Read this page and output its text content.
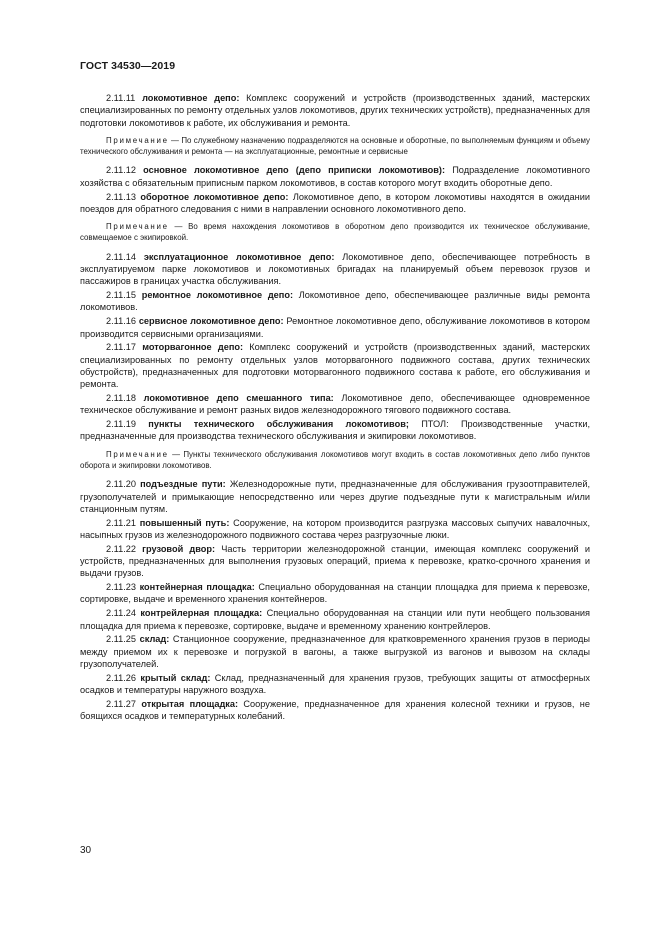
ГОСТ 34530—2019

2.11.11 локомотивное депо: Комплекс сооружений и устройств (производственных зданий, мастерских специализированных по ремонту отдельных узлов локомотивов, других технических устройств), предназначенных для подготовки локомотивов к работе, их обслуживания и ремонта.

Примечание — По служебному назначению подразделяются на основные и оборотные, по выполняемым функциям и объему технического обслуживания и ремонта — на эксплуатационные, ремонтные и сервисные

2.11.12 основное локомотивное депо (депо приписки локомотивов): Подразделение локомотивного хозяйства с обязательным приписным парком локомотивов, в состав которого могут входить оборотные депо.

2.11.13 оборотное локомотивное депо: Локомотивное депо, в котором локомотивы находятся в ожидании поездов для обратного следования с ними в направлении основного локомотивного депо.

Примечание — Во время нахождения локомотивов в оборотном депо производится их техническое обслуживание, совмещаемое с экипировкой.

2.11.14 эксплуатационное локомотивное депо: Локомотивное депо, обеспечивающее потребность в эксплуатируемом парке локомотивов и локомотивных бригадах на планируемый объем перевозок грузов и пассажиров в границах участка обслуживания.

2.11.15 ремонтное локомотивное депо: Локомотивное депо, обеспечивающее различные виды ремонта локомотивов.

2.11.16 сервисное локомотивное депо: Ремонтное локомотивное депо, обслуживание локомотивов в котором производится сервисными организациями.

2.11.17 моторвагонное депо: Комплекс сооружений и устройств (производственных зданий, мастерских специализированных по ремонту отдельных узлов моторвагонного подвижного состава, других технических обустройств), предназначенных для подготовки моторвагонного подвижного состава к работе, его обслуживания и ремонта.

2.11.18 локомотивное депо смешанного типа: Локомотивное депо, обеспечивающее одновременное техническое обслуживание и ремонт разных видов железнодорожного тягового подвижного состава.

2.11.19 пункты технического обслуживания локомотивов; ПТОЛ: Производственные участки, предназначенные для производства технического обслуживания и экипировки локомотивов.

Примечание — Пункты технического обслуживания локомотивов могут входить в состав локомотивных депо либо пунктов оборота и экипировки локомотивов.

2.11.20 подъездные пути: Железнодорожные пути, предназначенные для обслуживания грузоотправителей, грузополучателей и примыкающие непосредственно или через другие подъездные пути к магистральным и/или станционным путям.

2.11.21 повышенный путь: Сооружение, на котором производится разгрузка массовых сыпучих навалочных, насыпных грузов из железнодорожного подвижного состава через разгрузочные люки.

2.11.22 грузовой двор: Часть территории железнодорожной станции, имеющая комплекс сооружений и устройств, предназначенных для выполнения грузовых операций, приема к перевозке, кратко-срочного хранения и выдачи грузов.

2.11.23 контейнерная площадка: Специально оборудованная на станции площадка для приема к перевозке, сортировке, выдаче и временного хранения контейнеров.

2.11.24 контрейлерная площадка: Специально оборудованная на станции или пути необщего пользования площадка для приема к перевозке, сортировке, выдаче и временному хранению контрейлеров.

2.11.25 склад: Станционное сооружение, предназначенное для кратковременного хранения грузов в периоды между приемом их к перевозке и погрузкой в вагоны, а также выгрузкой из вагонов и вывозом на склады грузополучателей.

2.11.26 крытый склад: Склад, предназначенный для хранения грузов, требующих защиты от атмосферных осадков и температуры наружного воздуха.

2.11.27 открытая площадка: Сооружение, предназначенное для хранения колесной техники и грузов, не боящихся осадков и температурных колебаний.

30
